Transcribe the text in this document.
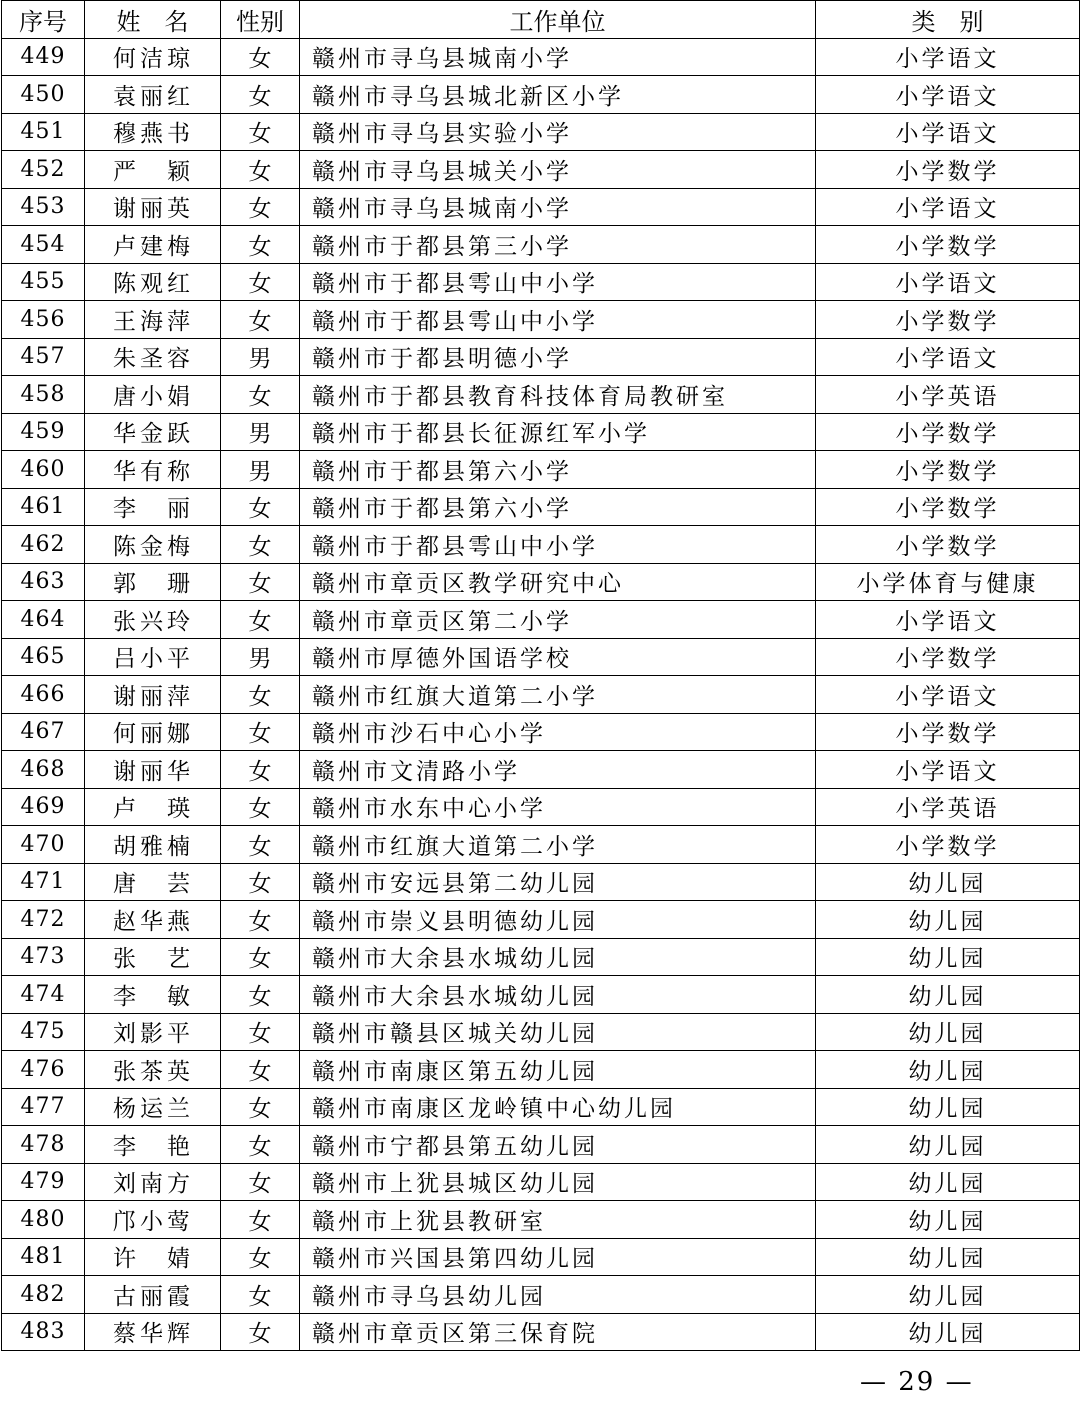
序号	姓　名	性别	工作单位	类　别
449	何洁琼	女	赣州市寻乌县城南小学	小学语文
450	袁丽红	女	赣州市寻乌县城北新区小学	小学语文
451	穆燕书	女	赣州市寻乌县实验小学	小学语文
452	严　颖	女	赣州市寻乌县城关小学	小学数学
453	谢丽英	女	赣州市寻乌县城南小学	小学语文
454	卢建梅	女	赣州市于都县第三小学	小学数学
455	陈观红	女	赣州市于都县雩山中小学	小学语文
456	王海萍	女	赣州市于都县雩山中小学	小学数学
457	朱圣容	男	赣州市于都县明德小学	小学语文
458	唐小娟	女	赣州市于都县教育科技体育局教研室	小学英语
459	华金跃	男	赣州市于都县长征源红军小学	小学数学
460	华有称	男	赣州市于都县第六小学	小学数学
461	李　丽	女	赣州市于都县第六小学	小学数学
462	陈金梅	女	赣州市于都县雩山中小学	小学数学
463	郭　珊	女	赣州市章贡区教学研究中心	小学体育与健康
464	张兴玲	女	赣州市章贡区第二小学	小学语文
465	吕小平	男	赣州市厚德外国语学校	小学数学
466	谢丽萍	女	赣州市红旗大道第二小学	小学语文
467	何丽娜	女	赣州市沙石中心小学	小学数学
468	谢丽华	女	赣州市文清路小学	小学语文
469	卢　瑛	女	赣州市水东中心小学	小学英语
470	胡雅楠	女	赣州市红旗大道第二小学	小学数学
471	唐　芸	女	赣州市安远县第二幼儿园	幼儿园
472	赵华燕	女	赣州市崇义县明德幼儿园	幼儿园
473	张　艺	女	赣州市大余县水城幼儿园	幼儿园
474	李　敏	女	赣州市大余县水城幼儿园	幼儿园
475	刘影平	女	赣州市赣县区城关幼儿园	幼儿园
476	张茶英	女	赣州市南康区第五幼儿园	幼儿园
477	杨运兰	女	赣州市南康区龙岭镇中心幼儿园	幼儿园
478	李　艳	女	赣州市宁都县第五幼儿园	幼儿园
479	刘南方	女	赣州市上犹县城区幼儿园	幼儿园
480	邝小莺	女	赣州市上犹县教研室	幼儿园
481	许　婧	女	赣州市兴国县第四幼儿园	幼儿园
482	古丽霞	女	赣州市寻乌县幼儿园	幼儿园
483	蔡华辉	女	赣州市章贡区第三保育院	幼儿园
— 29 —
